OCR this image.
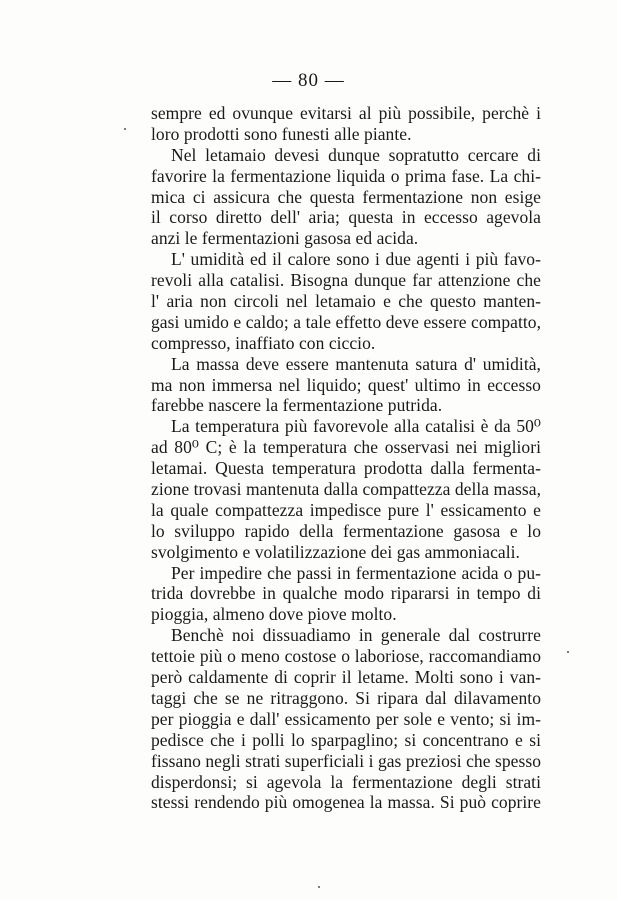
— 80 —
sempre ed ovunque evitarsi al più possibile, perchè i
loro prodotti sono funesti alle piante.
Nel letamaio devesi dunque sopratutto cercare di
favorire la fermentazione liquida o prima fase. La chi-
mica ci assicura che questa fermentazione non esige
il corso diretto dell' aria; questa in eccesso agevola
anzi le fermentazioni gasosa ed acida.
L' umidità ed il calore sono i due agenti i più favo-
revoli alla catalisi. Bisogna dunque far attenzione che
l' aria non circoli nel letamaio e che questo manten-
gasi umido e caldo; a tale effetto deve essere compatto,
compresso, inaffiato con ciccio.
La massa deve essere mantenuta satura d' umidità,
ma non immersa nel liquido; quest' ultimo in eccesso
farebbe nascere la fermentazione putrida.
La temperatura più favorevole alla catalisi è da 50⁰
ad 80⁰ C; è la temperatura che osservasi nei migliori
letamai. Questa temperatura prodotta dalla fermenta-
zione trovasi mantenuta dalla compattezza della massa,
la quale compattezza impedisce pure l' essicamento e
lo sviluppo rapido della fermentazione gasosa e lo
svolgimento e volatilizzazione dei gas ammoniacali.
Per impedire che passi in fermentazione acida o pu-
trida dovrebbe in qualche modo ripararsi in tempo di
pioggia, almeno dove piove molto.
Benchè noi dissuadiamo in generale dal costrurre
tettoie più o meno costose o laboriose, raccomandiamo
però caldamente di coprir il letame. Molti sono i van-
taggi che se ne ritraggono. Si ripara dal dilavamento
per pioggia e dall' essicamento per sole e vento; si im-
pedisce che i polli lo sparpaglino; si concentrano e si
fissano negli strati superficiali i gas preziosi che spesso
disperdonsi; si agevola la fermentazione degli strati
stessi rendendo più omogenea la massa. Si può coprire
